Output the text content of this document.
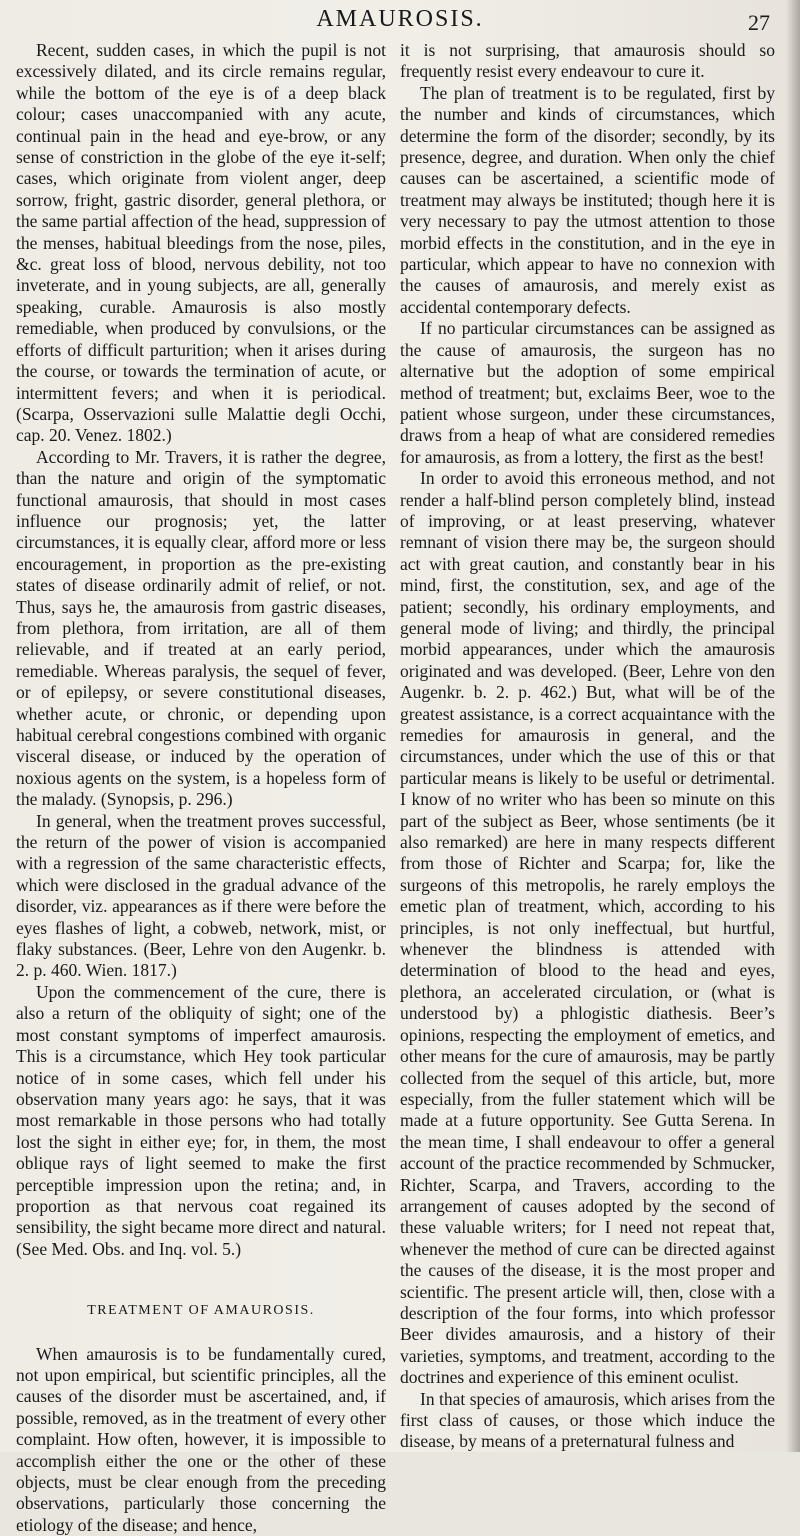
AMAUROSIS.	27

Recent, sudden cases, in which the pupil is not excessively dilated, and its circle remains regular, while the bottom of the eye is of a deep black colour; cases unaccompanied with any acute, continual pain in the head and eye-brow, or any sense of constriction in the globe of the eye it-self; cases, which originate from violent anger, deep sorrow, fright, gastric disorder, general plethora, or the same partial affection of the head, suppression of the menses, habitual bleedings from the nose, piles, &c. great loss of blood, nervous debility, not too inveterate, and in young subjects, are all, generally speaking, curable. Amaurosis is also mostly remediable, when produced by convulsions, or the efforts of difficult parturition; when it arises during the course, or towards the termination of acute, or intermittent fevers; and when it is periodical. (Scarpa, Osservazioni sulle Malattie degli Occhi, cap. 20. Venez. 1802.)

According to Mr. Travers, it is rather the degree, than the nature and origin of the symptomatic functional amaurosis, that should in most cases influence our prognosis; yet, the latter circumstances, it is equally clear, afford more or less encouragement, in proportion as the pre-existing states of disease ordinarily admit of relief, or not. Thus, says he, the amaurosis from gastric diseases, from plethora, from irritation, are all of them relievable, and if treated at an early period, remediable. Whereas paralysis, the sequel of fever, or of epilepsy, or severe constitutional diseases, whether acute, or chronic, or depending upon habitual cerebral congestions combined with organic visceral disease, or induced by the operation of noxious agents on the system, is a hopeless form of the malady. (Synopsis, p. 296.)

In general, when the treatment proves successful, the return of the power of vision is accompanied with a regression of the same characteristic effects, which were disclosed in the gradual advance of the disorder, viz. appearances as if there were before the eyes flashes of light, a cobweb, network, mist, or flaky substances. (Beer, Lehre von den Augenkr. b. 2. p. 460. Wien. 1817.)

Upon the commencement of the cure, there is also a return of the obliquity of sight; one of the most constant symptoms of imperfect amaurosis. This is a circumstance, which Hey took particular notice of in some cases, which fell under his observation many years ago: he says, that it was most remarkable in those persons who had totally lost the sight in either eye; for, in them, the most oblique rays of light seemed to make the first perceptible impression upon the retina; and, in proportion as that nervous coat regained its sensibility, the sight became more direct and natural. (See Med. Obs. and Inq. vol. 5.)

TREATMENT OF AMAUROSIS.

When amaurosis is to be fundamentally cured, not upon empirical, but scientific principles, all the causes of the disorder must be ascertained, and, if possible, removed, as in the treatment of every other complaint. How often, however, it is impossible to accomplish either the one or the other of these objects, must be clear enough from the preceding observations, particularly those concerning the etiology of the disease; and hence,

it is not surprising, that amaurosis should so frequently resist every endeavour to cure it.

The plan of treatment is to be regulated, first by the number and kinds of circumstances, which determine the form of the disorder; secondly, by its presence, degree, and duration. When only the chief causes can be ascertained, a scientific mode of treatment may always be instituted; though here it is very necessary to pay the utmost attention to those morbid effects in the constitution, and in the eye in particular, which appear to have no connexion with the causes of amaurosis, and merely exist as accidental contemporary defects.

If no particular circumstances can be assigned as the cause of amaurosis, the surgeon has no alternative but the adoption of some empirical method of treatment; but, exclaims Beer, woe to the patient whose surgeon, under these circumstances, draws from a heap of what are considered remedies for amaurosis, as from a lottery, the first as the best!

In order to avoid this erroneous method, and not render a half-blind person completely blind, instead of improving, or at least preserving, whatever remnant of vision there may be, the surgeon should act with great caution, and constantly bear in his mind, first, the constitution, sex, and age of the patient; secondly, his ordinary employments, and general mode of living; and thirdly, the principal morbid appearances, under which the amaurosis originated and was developed. (Beer, Lehre von den Augenkr. b. 2. p. 462.) But, what will be of the greatest assistance, is a correct acquaintance with the remedies for amaurosis in general, and the circumstances, under which the use of this or that particular means is likely to be useful or detrimental. I know of no writer who has been so minute on this part of the subject as Beer, whose sentiments (be it also remarked) are here in many respects different from those of Richter and Scarpa; for, like the surgeons of this metropolis, he rarely employs the emetic plan of treatment, which, according to his principles, is not only ineffectual, but hurtful, whenever the blindness is attended with determination of blood to the head and eyes, plethora, an accelerated circulation, or (what is understood by) a phlogistic diathesis. Beer’s opinions, respecting the employment of emetics, and other means for the cure of amaurosis, may be partly collected from the sequel of this article, but, more especially, from the fuller statement which will be made at a future opportunity. See Gutta Serena. In the mean time, I shall endeavour to offer a general account of the practice recommended by Schmucker, Richter, Scarpa, and Travers, according to the arrangement of causes adopted by the second of these valuable writers; for I need not repeat that, whenever the method of cure can be directed against the causes of the disease, it is the most proper and scientific. The present article will, then, close with a description of the four forms, into which professor Beer divides amaurosis, and a history of their varieties, symptoms, and treatment, according to the doctrines and experience of this eminent oculist.

In that species of amaurosis, which arises from the first class of causes, or those which induce the disease, by means of a preternatural fulness and
